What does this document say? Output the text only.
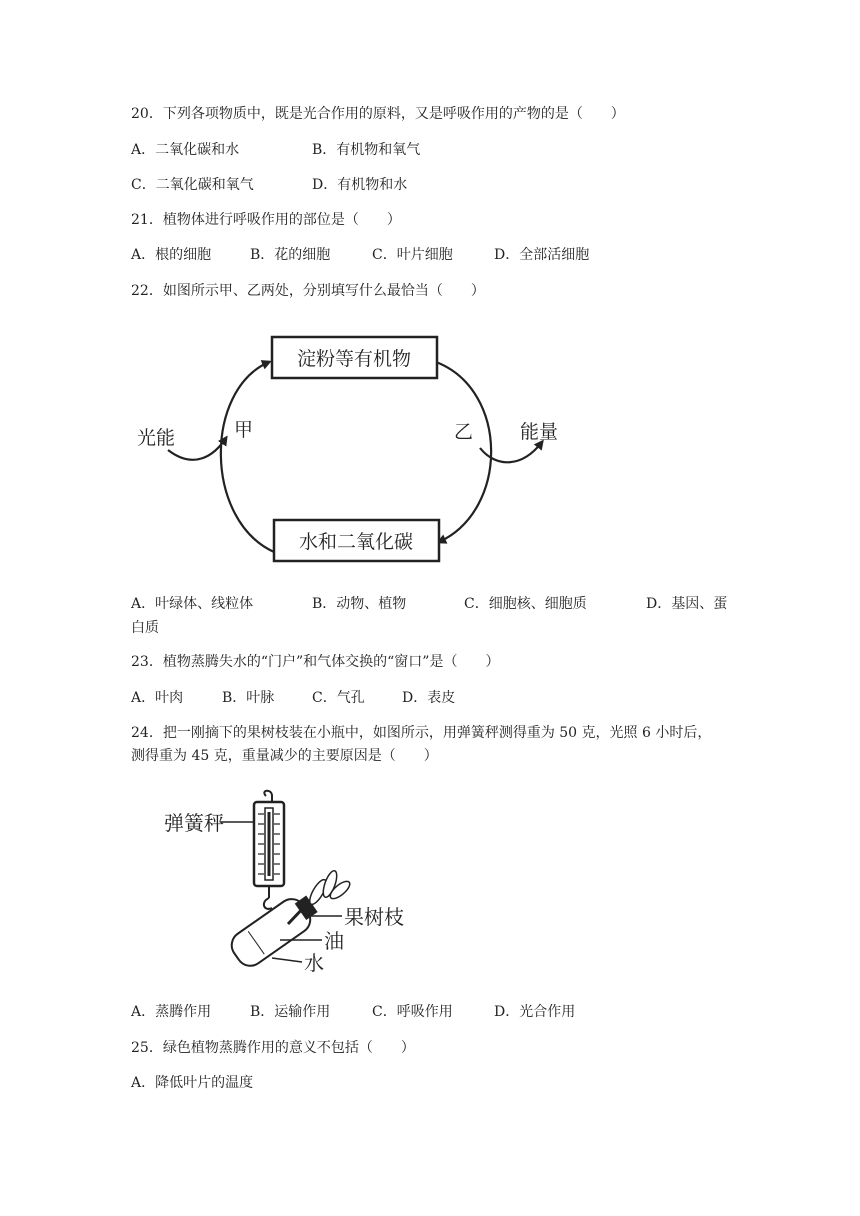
20．下列各项物质中，既是光合作用的原料，又是呼吸作用的产物的是（　　）
A．二氧化碳和水	B．有机物和氧气
C．二氧化碳和氧气	D．有机物和水
21．植物体进行呼吸作用的部位是（　　）
A．根的细胞	B．花的细胞	C．叶片细胞	D．全部活细胞
22．如图所示甲、乙两处，分别填写什么最恰当（　　）
淀粉等有机物
水和二氧化碳
光能	甲	乙 能量
A．叶绿体、线粒体	B．动物、植物	C．细胞核、细胞质	D．基因、蛋
白质
23．植物蒸腾失水的“门户”和气体交换的“窗口”是（　　）
A．叶肉	B．叶脉	C．气孔	D．表皮
24．把一刚摘下的果树枝装在小瓶中，如图所示，用弹簧秤测得重为 50 克，光照 6 小时后，
测得重为 45 克，重量减少的主要原因是（　　）
弹簧秤
果树枝
油
水
A．蒸腾作用	B．运输作用	C．呼吸作用	D．光合作用
25．绿色植物蒸腾作用的意义不包括（　　）
A．降低叶片的温度
